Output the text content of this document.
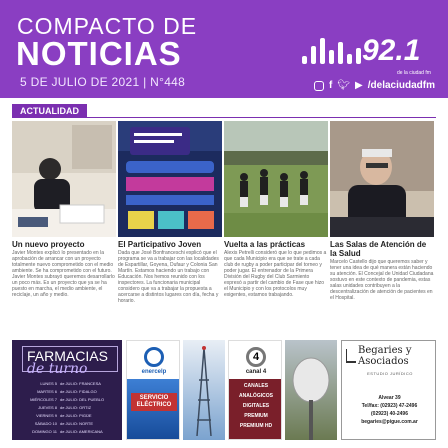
COMPACTO DE
NOTICIAS
5 DE JULIO DE 2021 | N°448
92.1
de la ciudad fm
f 🐦︎ ▶ /delaciudadfm
ACTUALIDAD
Un nuevo proyecto	El Participativo Joven	Vuelta a las prácticas	Las Salas de Atención de la Salud
Javier Montes explicó lo presentado en la aprobación de arrancar con un proyecto totalmente nuevo comprometido con el medio ambiente. Se ha comprometido con el futuro. Javier Montes subrayó queremos desarrollarlo un poco más. Es un proyecto que ya se ha puesto en marcha, el medio ambiente, el reciclaje, un año y medio.
Dada que José Bonfranceschi explicó que el programa se va a trabajar con las localidades de Espartillar, Goyena, Dufaur y Colonia San Martín. Estamos haciendo un trabajo con Educación. Nos hemos reunido con los inspectores. La funcionaria municipal considero que va a trabajar la propuesta a acercarse a distintos lugares con día, fecha y horario.
Alexis Petrelli consideró que lo que pedimos a que cada Municipio era que se trate a cada club de rugby a poder participar del torneo y poder jugar. El entrenador de la Primera División del Rugby del Club Sarmiento expresó a partir del cambio de Fase que hizo el Municipio y con los protocolos muy exigentes, estamos trabajando.
Marcelo Castello dijo que queremos saber y tener una idea de qué manera están haciendo su atención. El Concejal de Unidad Ciudadana sostuvo en este contexto de pandemia, estas salas unidades contribuyen a la descentralización de atención de pacientes en el Hospital.
FARMACIAS
de turno
LUNES 5 de JULIO: FRANCESA
MARTES 6 de JULIO: FIDALGO
MIÉRCOLES 7 de JULIO: DEL PUEBLO
JUEVES 8 de JULIO: ORTIZ
VIERNES 9 de JULIO: PIGÜE
SÁBADO 10 de JULIO: NORTE
DOMINGO 11 de JULIO: AMERICANA
enercelp
SERVICIO ELÉCTRICO
4
canal 4
CANALES
ANALÓGICOS
DIGITALES
PREMIUM
PREMIUM HD
Begaries y Asociados
ESTUDIO JURÍDICO
Alvear 39
Tel/fax: (02923) 47-2496
(02923) 40-2496
begaries@pigue.com.ar
